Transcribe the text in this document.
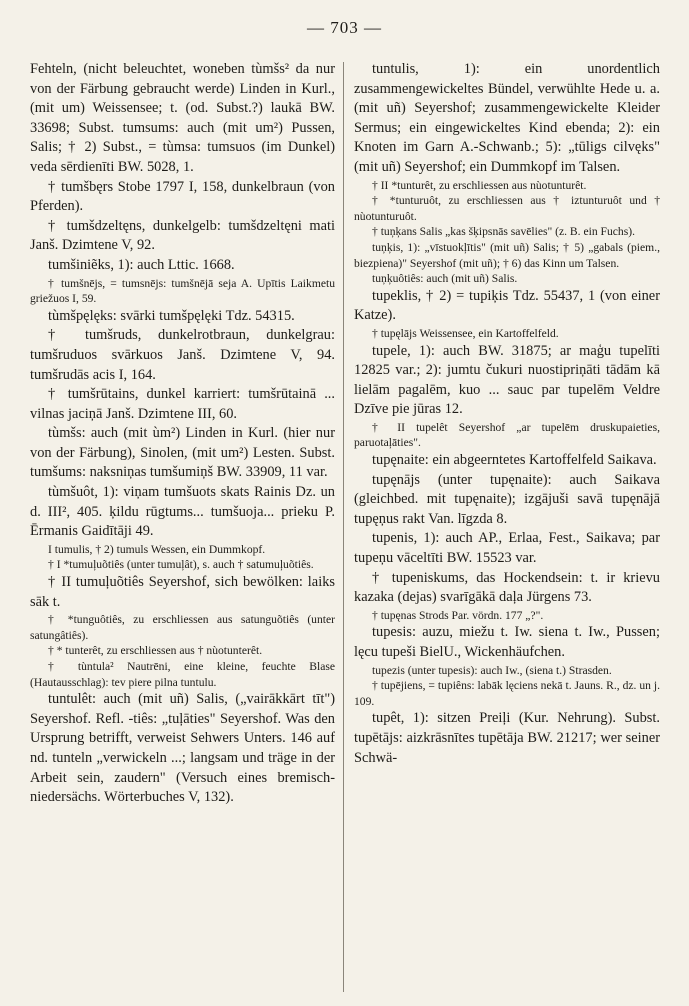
— 703 —

Fehteln, (nicht beleuchtet, woneben tùmšs² da nur von der Färbung gebraucht werde) Linden in Kurl., (mit um) Weissensee; t. (od. Subst.?) laukā BW. 33698; Subst. tumsums: auch (mit um²) Pussen, Salis; † 2) Subst., = tùmsa: tumsuos (im Dunkel) veda sērdienīti BW. 5028, 1.

† tumšbęrs Stobe 1797 I, 158, dunkelbraun (von Pferden).

† tumšdzeltęns, dunkelgelb: tumšdzeltęni mati Janš. Dzimtene V, 92.

tumšiniẽks, 1): auch Lttic. 1668.

† tumšnējs, = tumsnējs: tumšnējā seja A. Upītis Laikmetu griežuos I, 59.

tùmšpęlęks: svārki tumšpęlęki Tdz. 54315.

† tumšruds, dunkelrotbraun, dunkelgrau: tumšruduos svārkuos Janš. Dzimtene V, 94. tumšrudās acis I, 164.

† tumšrūtains, dunkel karriert: tumšrūtainā ... vilnas jaciņā Janš. Dzimtene III, 60.

tùmšs: auch (mit ùm²) Linden in Kurl. (hier nur von der Färbung), Sinolen, (mit um²) Lesten. Subst. tumšums: naksniņas tumšumiņš BW. 33909, 11 var.

tùmšuôt, 1): viņam tumšuots skats Rainis Dz. un d. III², 405. ķildu rūgtums... tumšuoja... prieku P. Ērmanis Gaidītāji 49.

I tumulis, † 2) tumuls Wessen, ein Dummkopf.

† I *tumuļuõtiês (unter tumuļât), s. auch † satumuļuõtiês.

† II tumuļuõtiês Seyershof, sich bewölken: laiks sāk t.

† *tunguôtiês, zu erschliessen aus satunguõtiês (unter satungâtiês).

† * tunterêt, zu erschliessen aus † nùotunterêt.

† tùntula² Nautrēni, eine kleine, feuchte Blase (Hautausschlag): tev piere pilna tuntulu.

tuntulêt: auch (mit uñ) Salis, („vairākkārt tīt") Seyershof. Refl. -tiês: „tuļāties" Seyershof. Was den Ursprung betrifft, verweist Sehwers Unters. 146 auf nd. tunteln „verwickeln ...; langsam und träge in der Arbeit sein, zaudern" (Versuch eines bremisch-niedersächs. Wörterbuches V, 132).

tuntulis, 1): ein unordentlich zusammengewickeltes Bündel, verwühlte Hede u. a. (mit uñ) Seyershof; zusammengewickelte Kleider Sermus; ein eingewickeltes Kind ebenda; 2): ein Knoten im Garn A.-Schwanb.; 5): „tūligs cilvęks" (mit uñ) Seyershof; ein Dummkopf im Talsen.

† II *tunturêt, zu erschliessen aus nùotunturêt.

† *tunturuôt, zu erschliessen aus † iztunturuôt und † nùotunturuôt.

† tuņķans Salis „kas šķipsnās savēlies" (z. B. ein Fuchs).

tuņķis, 1): „vīstuokļītis" (mit uñ) Salis; † 5) „gabals (piem., biezpiena)" Seyershof (mit uñ); † 6) das Kinn um Talsen.

tuņķuôtiês: auch (mit uñ) Salis.

tupeklis, † 2) = tupiķis Tdz. 55437, 1 (von einer Katze).

† tupęlājs Weissensee, ein Kartoffelfeld.

tupele, 1): auch BW. 31875; ar maģu tupelīti 12825 var.; 2): jumtu čukuri nuostipriņāti tādām kā lielām pagalēm, kuo ... sauc par tupelēm Veldre Dzīve pie jūras 12.

† II tupelêt Seyershof „ar tupelēm druskupaieties, paruotaļāties".

tupęnaite: ein abgeerntetes Kartoffelfeld Saikava.

tupęnājs (unter tupęnaite): auch Saikava (gleichbed. mit tupęnaite); izgājuši savā tupęnājā tupęņus rakt Van. līgzda 8.

tupenis, 1): auch AP., Erlaa, Fest., Saikava; par tupeņu vāceltīti BW. 15523 var.

† tupeniskums, das Hockendsein: t. ir krievu kazaka (dejas) svarīgākā daļa Jürgens 73.

† tupęnas Strods Par. vördn. 177 „?".

tupesis: auzu, miežu t. Iw. siena t. Iw., Pussen; lęcu tupeši BielU., Wickenhäufchen.

tupezis (unter tupesis): auch Iw., (siena t.) Strasden.

† tupējiens, = tupiêns: labāk lęciens nekā t. Jauns. R., dz. un j. 109.

tupêt, 1): sitzen Preiļi (Kur. Nehrung). Subst. tupētājs: aizkrāsnītes tupētāja BW. 21217; wer seiner Schwä-
